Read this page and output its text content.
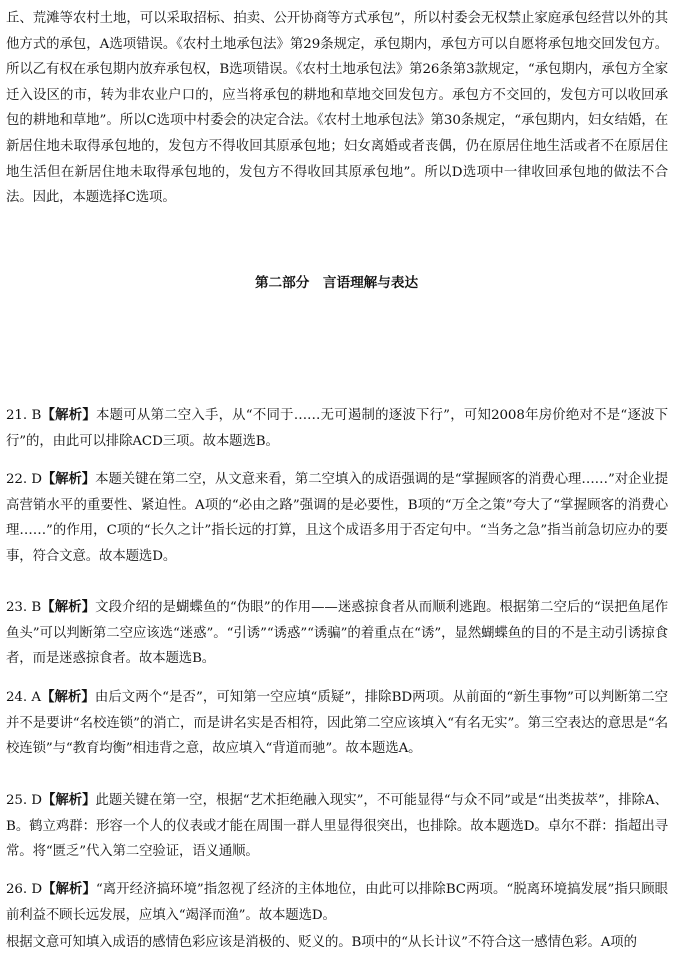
丘、荒滩等农村土地，可以采取招标、拍卖、公开协商等方式承包”，所以村委会无权禁止家庭承包经营以外的其他方式的承包，A选项错误。《农村土地承包法》第29条规定，承包期内，承包方可以自愿将承包地交回发包方。所以乙有权在承包期内放弃承包权，B选项错误。《农村土地承包法》第26条第3款规定，“承包期内，承包方全家迁入设区的市，转为非农业户口的，应当将承包的耕地和草地交回发包方。承包方不交回的，发包方可以收回承包的耕地和草地”。所以C选项中村委会的决定合法。《农村土地承包法》第30条规定，“承包期内，妇女结婚，在新居住地未取得承包地的，发包方不得收回其原承包地；妇女离婚或者丧偶，仍在原居住地生活或者不在原居住地生活但在新居住地未取得承包地的，发包方不得收回其原承包地”。所以D选项中一律收回承包地的做法不合法。因此，本题选择C选项。

第二部分　言语理解与表达

21. B【解析】本题可从第二空入手，从“不同于……无可遏制的逐波下行”，可知2008年房价绝对不是“逐波下行”的，由此可以排除ACD三项。故本题选B。

22. D【解析】本题关键在第二空，从文意来看，第二空填入的成语强调的是“掌握顾客的消费心理……”对企业提高营销水平的重要性、紧迫性。A项的“必由之路”强调的是必要性，B项的“万全之策”夸大了“掌握顾客的消费心理……”的作用，C项的“长久之计”指长远的打算，且这个成语多用于否定句中。“当务之急”指当前急切应办的要事，符合文意。故本题选D。

23. B【解析】文段介绍的是蝴蝶鱼的“伪眼”的作用——迷惑掠食者从而顺利逃跑。根据第二空后的“误把鱼尾作鱼头”可以判断第二空应该选“迷惑”。“引诱”“诱惑”“诱骗”的着重点在“诱”，显然蝴蝶鱼的目的不是主动引诱掠食者，而是迷惑掠食者。故本题选B。

24. A【解析】由后文两个“是否”，可知第一空应填“质疑”，排除BD两项。从前面的“新生事物”可以判断第二空并不是要讲“名校连锁”的消亡，而是讲名实是否相符，因此第二空应该填入“有名无实”。第三空表达的意思是“名校连锁”与“教育均衡”相违背之意，故应填入“背道而驰”。故本题选A。

25. D【解析】此题关键在第一空，根据“艺术拒绝融入现实”，不可能显得“与众不同”或是“出类拔萃”，排除A、B。鹤立鸡群：形容一个人的仪表或才能在周围一群人里显得很突出，也排除。故本题选D。卓尔不群：指超出寻常。将“匮乏”代入第二空验证，语义通顺。

26. D【解析】“离开经济搞环境”指忽视了经济的主体地位，由此可以排除BC两项。“脱离环境搞发展”指只顾眼前利益不顾长远发展，应填入“竭泽而渔”。故本题选D。

根据文意可知填入成语的感情色彩应该是消极的、贬义的。B项中的“从长计议”不符合这一感情色彩。A项的
